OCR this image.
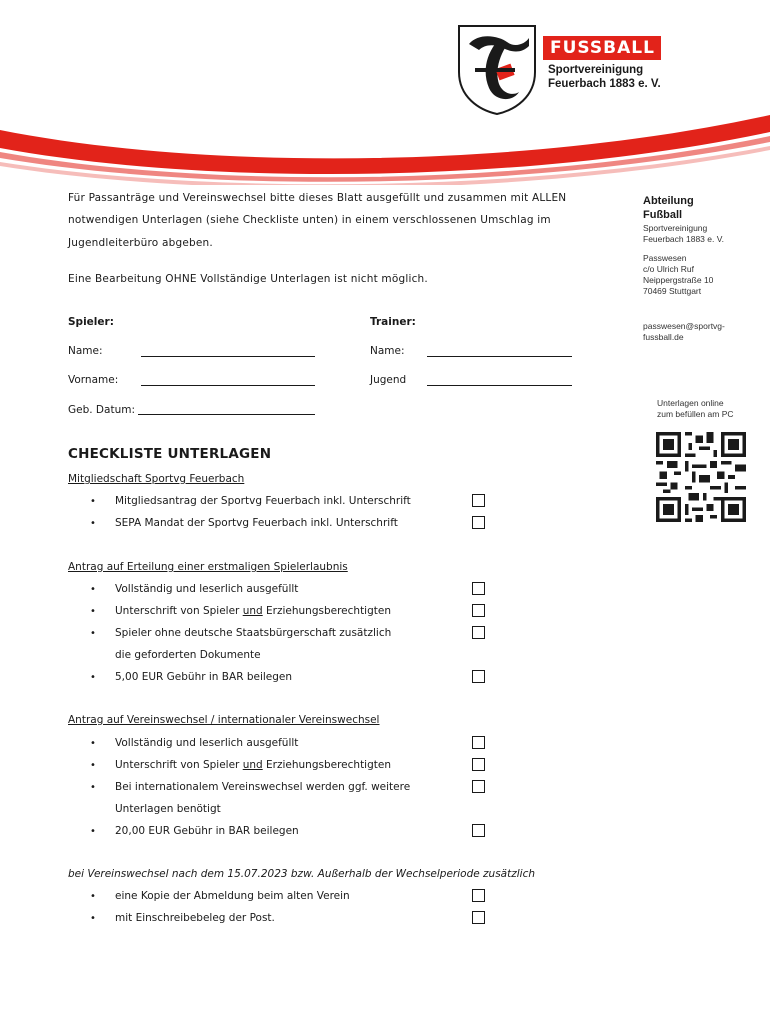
FUSSBALL
Sportvereinigung
Feuerbach 1883 e. V.
Für Passanträge und Vereinswechsel bitte dieses Blatt ausgefüllt und zusammen mit ALLEN
notwendigen Unterlagen (siehe Checkliste unten) in einem verschlossenen Umschlag im
Jugendleiterbüro abgeben.
Eine Bearbeitung OHNE Vollständige Unterlagen ist nicht möglich.
Spieler:	Trainer:
Name:	Name:
Vorname:	Jugend
Geb. Datum:
CHECKLISTE UNTERLAGEN
Mitgliedschaft Sportvg Feuerbach
• Mitgliedsantrag der Sportvg Feuerbach inkl. Unterschrift
• SEPA Mandat der Sportvg Feuerbach inkl. Unterschrift
Antrag auf Erteilung einer erstmaligen Spielerlaubnis
• Vollständig und leserlich ausgefüllt
• Unterschrift von Spieler und Erziehungsberechtigten
• Spieler ohne deutsche Staatsbürgerschaft zusätzlich
die geforderten Dokumente
• 5,00 EUR Gebühr in BAR beilegen
Antrag auf Vereinswechsel / internationaler Vereinswechsel
• Vollständig und leserlich ausgefüllt
• Unterschrift von Spieler und Erziehungsberechtigten
• Bei internationalem Vereinswechsel werden ggf. weitere
Unterlagen benötigt
• 20,00 EUR Gebühr in BAR beilegen
bei Vereinswechsel nach dem 15.07.2023 bzw. Außerhalb der Wechselperiode zusätzlich
• eine Kopie der Abmeldung beim alten Verein
• mit Einschreibebeleg der Post.
Abteilung
Fußball
Sportvereinigung
Feuerbach 1883 e. V.
Passwesen
c/o Ulrich Ruf
Neippergstraße 10
70469 Stuttgart
passwesen@sportvg-
fussball.de
Unterlagen online
zum befüllen am PC
